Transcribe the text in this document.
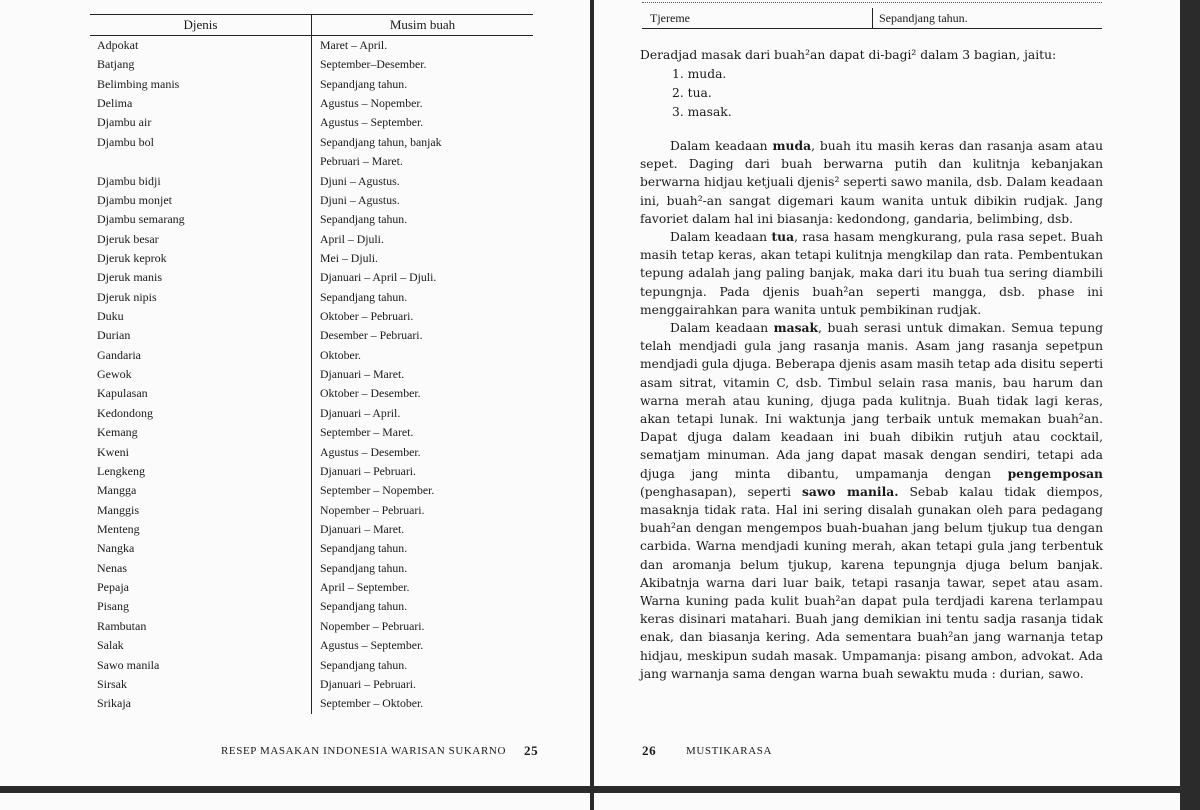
Djenis	Musim buah
Adpokat	Maret – April.
Batjang	September–Desember.
Belimbing manis	Sepandjang tahun.
Delima	Agustus – Nopember.
Djambu air	Agustus – September.
Djambu bol	Sepandjang tahun, banjak
Pebruari – Maret.
Djambu bidji	Djuni – Agustus.
Djambu monjet	Djuni – Agustus.
Djambu semarang	Sepandjang tahun.
Djeruk besar	April – Djuli.
Djeruk keprok	Mei – Djuli.
Djeruk manis	Djanuari – April – Djuli.
Djeruk nipis	Sepandjang tahun.
Duku	Oktober – Pebruari.
Durian	Desember – Pebruari.
Gandaria	Oktober.
Gewok	Djanuari – Maret.
Kapulasan	Oktober – Desember.
Kedondong	Djanuari – April.
Kemang	September – Maret.
Kweni	Agustus – Desember.
Lengkeng	Djanuari – Pebruari.
Mangga	September – Nopember.
Manggis	Nopember – Pebruari.
Menteng	Djanuari – Maret.
Nangka	Sepandjang tahun.
Nenas	Sepandjang tahun.
Pepaja	April – September.
Pisang	Sepandjang tahun.
Rambutan	Nopember – Pebruari.
Salak	Agustus – September.
Sawo manila	Sepandjang tahun.
Sirsak	Djanuari – Pebruari.
Srikaja	September – Oktober.
RESEP MASAKAN INDONESIA WARISAN SUKARNO 25
Tjereme	Sepandjang tahun.
Deradjad masak dari buah²an dapat di-bagi² dalam 3 bagian, jaitu:
1. muda.
2. tua.
3. masak.

Dalam keadaan muda, buah itu masih keras dan rasanja asam atau sepet. Daging dari buah berwarna putih dan kulitnja kebanjakan berwarna hidjau ketjuali djenis² seperti sawo manila, dsb. Dalam keadaan ini, buah²-an sangat digemari kaum wanita untuk dibikin rudjak. Jang favoriet dalam hal ini biasanja: kedondong, gandaria, belimbing, dsb.

Dalam keadaan tua, rasa hasam mengkurang, pula rasa sepet. Buah masih tetap keras, akan tetapi kulitnja mengkilap dan rata. Pembentukan tepung adalah jang paling banjak, maka dari itu buah tua sering diambili tepungnja. Pada djenis buah²an seperti mangga, dsb. phase ini menggairahkan para wanita untuk pembikinan rudjak.

Dalam keadaan masak, buah serasi untuk dimakan. Semua tepung telah mendjadi gula jang rasanja manis. Asam jang rasanja sepetpun mendjadi gula djuga. Beberapa djenis asam masih tetap ada disitu seperti asam sitrat, vitamin C, dsb. Timbul selain rasa manis, bau harum dan warna merah atau kuning, djuga pada kulitnja. Buah tidak lagi keras, akan tetapi lunak. Ini waktunja jang terbaik untuk memakan buah²an. Dapat djuga dalam keadaan ini buah dibikin rutjuh atau cocktail, sematjam minuman. Ada jang dapat masak dengan sendiri, tetapi ada djuga jang minta dibantu, umpamanja dengan pengemposan (penghasapan), seperti sawo manila. Sebab kalau tidak diempos, masaknja tidak rata. Hal ini sering disalah gunakan oleh para pedagang buah²an dengan mengempos buah-buahan jang belum tjukup tua dengan carbida. Warna mendjadi kuning merah, akan tetapi gula jang terbentuk dan aromanja belum tjukup, karena tepungnja djuga belum banjak. Akibatnja warna dari luar baik, tetapi rasanja tawar, sepet atau asam. Warna kuning pada kulit buah²an dapat pula terdjadi karena terlampau keras disinari matahari. Buah jang demikian ini tentu sadja rasanja tidak enak, dan biasanja kering. Ada sementara buah²an jang warnanja tetap hidjau, meskipun sudah masak. Umpamanja: pisang ambon, advokat. Ada jang warnanja sama dengan warna buah sewaktu muda : durian, sawo.

26	MUSTIKARASA
